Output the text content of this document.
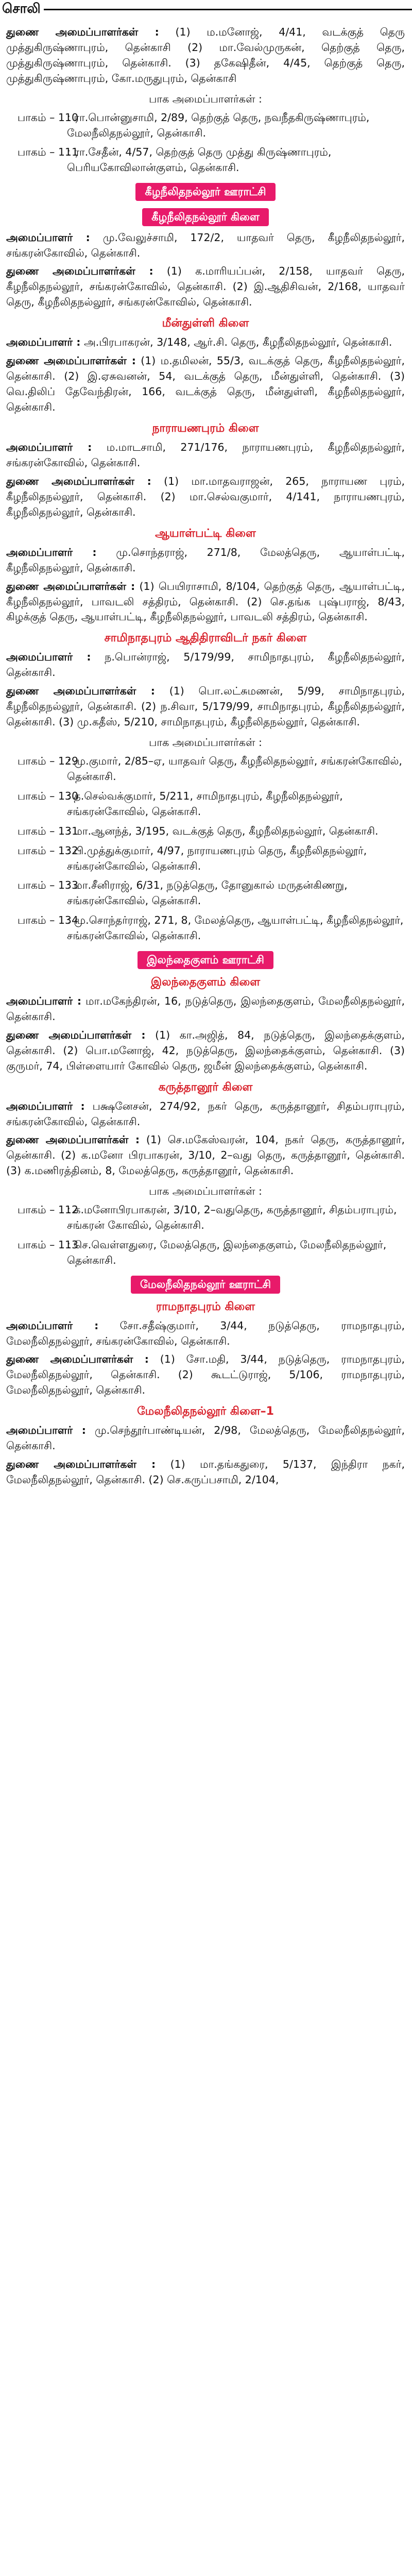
சொலி
துணை அமைப்பாளர்கள் : (1) ம.மனோஜ், 4/41, வடக்குத் தெரு முத்துகிருஷ்ணாபுரம், தென்காசி (2) மா.வேல்முருகன், தெற்குத் தெரு, முத்துகிருஷ்ணாபுரம், தென்காசி. (3) தகேஷிதீன், 4/45, தெற்குத் தெரு, முத்துகிருஷ்ணாபுரம், கோ.மருதுபுரம், தென்காசி
பாக அமைப்பாளர்கள் :
பாகம் – 110
: ரா.பொன்னுசாமி, 2/89, தெற்குத் தெரு, நவநீதகிருஷ்ணாபுரம், மேலநீலிதநல்லூர், தென்காசி.
பாகம் – 111
: ரா.சேதீன், 4/57, தெற்குத் தெரு முத்து கிருஷ்ணாபுரம், பெரியகோவிலான்குளம், தென்காசி.
கீழநீலிதநல்லூர் ஊராட்சி
கீழநீலிதநல்லூர் கிளை
அமைப்பாளர் : மு.வேலுச்சாமி, 172/2, யாதவர் தெரு, கீழநீலிதநல்லூர், சங்கரன்கோவில், தென்காசி.
துணை அமைப்பாளர்கள் : (1) க.மாரியப்பன், 2/158, யாதவர் தெரு, கீழநீலிதநல்லூர், சங்கரன்கோவில், தென்காசி. (2) இ.ஆதிசிவன், 2/168, யாதவர் தெரு, கீழநீலிதநல்லூர், சங்கரன்கோவில், தென்காசி.
மீன்துள்ளி கிளை
அமைப்பாளர் : அ.பிரபாகரன், 3/148, ஆர்.சி. தெரு, கீழநீலிதநல்லூர், தென்காசி.
துணை அமைப்பாளர்கள் : (1) ம.தமிலன், 55/3, வடக்குத் தெரு, கீழநீலிதநல்லூர், தென்காசி. (2) இ.ஏசுவனன், 54, வடக்குத் தெரு, மீன்துள்ளி, தென்காசி. (3) வெ.திலிப் தேவேந்திரன், 166, வடக்குத் தெரு, மீன்துள்ளி, கீழநீலிதநல்லூர், தென்காசி.
நாராயணபுரம் கிளை
அமைப்பாளர் : ம.மாடசாமி, 271/176, நாராயணபுரம், கீழநீலிதநல்லூர், சங்கரன்கோவில், தென்காசி.
துணை அமைப்பாளர்கள் : (1) மா.மாதவராஜன், 265, நாராயண புரம், கீழநீலிதநல்லூர், தென்காசி. (2) மா.செல்வகுமார், 4/141, நாராயணபுரம், கீழநீலிதநல்லூர், தென்காசி.
ஆயாள்பட்டி கிளை
அமைப்பாளர் : மு.சொந்தராஜ், 271/8, மேலத்தெரு, ஆயாள்பட்டி, கீழநீலிதநல்லூர், தென்காசி.
துணை அமைப்பாளர்கள் : (1) பெயிராசாமி, 8/104, தெற்குத் தெரு, ஆயாள்பட்டி, கீழநீலிதநல்லூர், பாவடலி சத்திரம், தென்காசி. (2) செ.தங்க புஷ்பராஜ், 8/43, கிழக்குத் தெரு, ஆயாள்பட்டி, கீழநீலிதநல்லூர், பாவடலி சத்திரம், தென்காசி.
சாமிநாதபுரம் ஆதிதிராவிடர் நகர் கிளை
அமைப்பாளர் : ந.பொன்ராஜ், 5/179/99, சாமிநாதபுரம், கீழநீலிதநல்லூர், தென்காசி.
துணை அமைப்பாளர்கள் : (1) பொ.லட்சுமணன், 5/99, சாமிநாதபுரம், கீழநீலிதநல்லூர், தென்காசி. (2) ந.சிவா, 5/179/99, சாமிநாதபுரம், கீழநீலிதநல்லூர், தென்காசி. (3) மு.கதீஸ், 5/210, சாமிநாதபுரம், கீழநீலிதநல்லூர், தென்காசி.
பாக அமைப்பாளர்கள் :
பாகம் – 129
: மு.குமார், 2/85–ஏ, யாதவர் தெரு, கீழநீலிதநல்லூர், சங்கரன்கோவில், தென்காசி.
பாகம் – 130
: த.செல்வக்குமார், 5/211, சாமிநாதபுரம், கீழநீலிதநல்லூர், சங்கரன்கோவில், தென்காசி.
பாகம் – 131
: மா.ஆனந்த், 3/195, வடக்குத் தெரு, கீழநீலிதநல்லூர், தென்காசி.
பாகம் – 132
: பி.முத்துக்குமார், 4/97, நாராயணபுரம் தெரு, கீழநீலிதநல்லூர், சங்கரன்கோவில், தென்காசி.
பாகம் – 133
: மா.சீனிராஜ், 6/31, நடுத்தெரு, தோனுகால் மருதன்கிணறு, சங்கரன்கோவில், தென்காசி.
பாகம் – 134
: மு.சொந்தர்ராஜ், 271, 8, மேலத்தெரு, ஆயாள்பட்டி, கீழநீலிதநல்லூர், சங்கரன்கோவில், தென்காசி.
இலந்தைகுளம் ஊராட்சி
இலந்தைகுளம் கிளை
அமைப்பாளர் : மா.மகேந்திரன், 16, நடுத்தெரு, இலந்தைகுளம், மேலநீலிதநல்லூர், தென்காசி.
துணை அமைப்பாளர்கள் : (1) கா.அஜித், 84, நடுத்தெரு, இலந்தைக்குளம், தென்காசி. (2) பொ.மனோஜ், 42, நடுத்தெரு, இலந்தைக்குளம், தென்காசி. (3) குருமர், 74, பிள்ளையார் கோவில் தெரு, ஜமீன் இலந்தைக்குளம், தென்காசி.
கருத்தானூர் கிளை
அமைப்பாளர் : பக்ஷனேசன், 274/92, நகர் தெரு, கருத்தானூர், சிதம்பராபுரம், சங்கரன்கோவில், தென்காசி.
துணை அமைப்பாளர்கள் : (1) செ.மகேஸ்வரன், 104, நகர் தெரு, கருத்தானூர், தென்காசி. (2) க.மனோ பிரபாகரன், 3/10, 2–வது தெரு, கருத்தானூர், தென்காசி. (3) க.மணிரத்தினம், 8, மேலத்தெரு, கருத்தானூர், தென்காசி.
பாக அமைப்பாளர்கள் :
பாகம் – 112
: க.மனோபிரபாகரன், 3/10, 2–வதுதெரு, கருத்தானூர், சிதம்பராபுரம், சங்கரன் கோவில், தென்காசி.
பாகம் – 113
: செ.வெள்ளதுரை, மேலத்தெரு, இலந்தைகுளம், மேலநீலிதநல்லூர், தென்காசி.
மேலநீலிதநல்லூர் ஊராட்சி
ராமநாதபுரம் கிளை
அமைப்பாளர் : சோ.சதீஷ்குமார், 3/44, நடுத்தெரு, ராமநாதபுரம், மேலநீலிதநல்லூர், சங்கரன்கோவில், தென்காசி.
துணை அமைப்பாளர்கள் : (1) சோ.மதி, 3/44, நடுத்தெரு, ராமநாதபுரம், மேலநீலிதநல்லூர், தென்காசி. (2) கூடட்டுராஜ், 5/106, ராமநாதபுரம், மேலநீலிதநல்லூர், தென்காசி.
மேலநீலிதநல்லூர் கிளை–1
அமைப்பாளர் : மு.செந்தூர்பாண்டியன், 2/98, மேலத்தெரு, மேலநீலிதநல்லூர், தென்காசி.
துணை அமைப்பாளர்கள் : (1) மா.தங்கதுரை, 5/137, இந்திரா நகர், மேலநீலிதநல்லூர், தென்காசி. (2) செ.கருப்பசாமி, 2/104,
